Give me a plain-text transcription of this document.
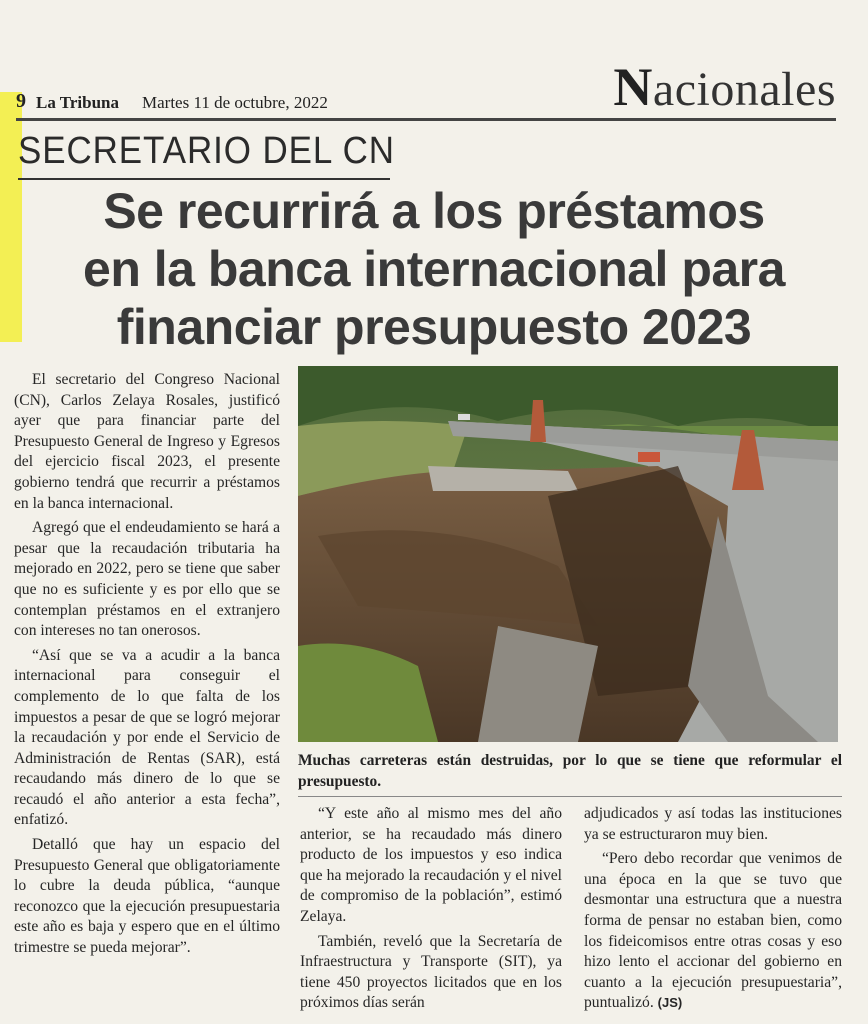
9 La Tribuna Martes 11 de octubre, 2022	Nacionales
SECRETARIO DEL CN
Se recurrirá a los préstamos
en la banca internacional para
financiar presupuesto 2023

El secretario del Congreso Nacional (CN), Carlos Zelaya Rosales, justificó ayer que para financiar parte del Presupuesto General de Ingreso y Egresos del ejercicio fiscal 2023, el presente gobierno tendrá que recurrir a préstamos en la banca internacional.

Agregó que el endeudamiento se hará a pesar que la recaudación tributaria ha mejorado en 2022, pero se tiene que saber que no es suficiente y es por ello que se contemplan préstamos en el extranjero con intereses no tan onerosos.

“Así que se va a acudir a la banca internacional para conseguir el complemento de lo que falta de los impuestos a pesar de que se logró mejorar la recaudación y por ende el Servicio de Administración de Rentas (SAR), está recaudando más dinero de lo que se recaudó el año anterior a esta fecha”, enfatizó.

Detalló que hay un espacio del Presupuesto General que obligatoriamente lo cubre la deuda pública, “aunque reconozco que la ejecución presupuestaria este año es baja y espero que en el último trimestre se pueda mejorar”.

Muchas carreteras están destruidas, por lo que se tiene que reformular el presupuesto.

“Y este año al mismo mes del año anterior, se ha recaudado más dinero producto de los impuestos y eso indica que ha mejorado la recaudación y el nivel de compromiso de la población”, estimó Zelaya.

También, reveló que la Secretaría de Infraestructura y Transporte (SIT), ya tiene 450 proyectos licitados que en los próximos días serán

adjudicados y así todas las instituciones ya se estructuraron muy bien.

“Pero debo recordar que venimos de una época en la que se tuvo que desmontar una estructura que a nuestra forma de pensar no estaban bien, como los fideicomisos entre otras cosas y eso hizo lento el accionar del gobierno en cuanto a la ejecución presupuestaria”, puntualizó. (JS)
